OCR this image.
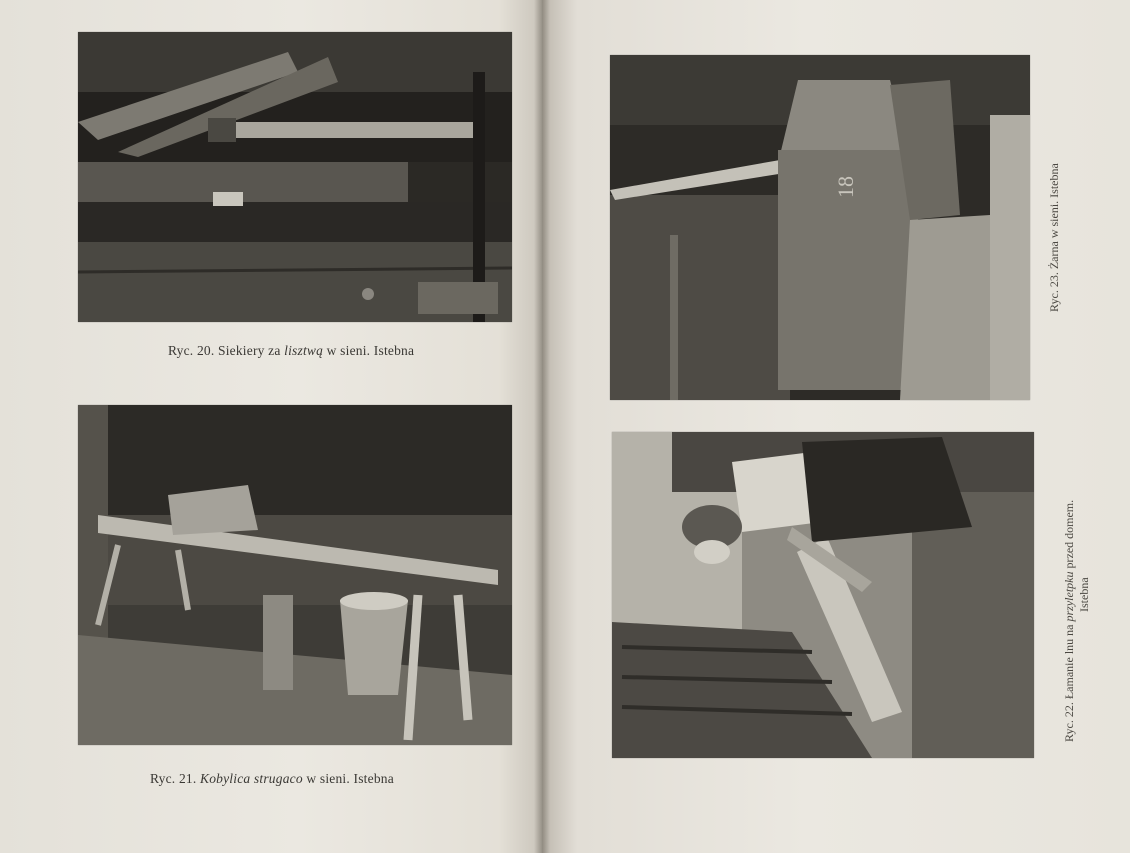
Ryc. 20. Siekiery za lisztwą w sieni. Istebna
Ryc. 21. Kobylica strugaco w sieni. Istebna
18	Ryc. 23. Żarna w sieni. Istebna
Ryc. 22. Łamanie lnu na przyletpku przed domem.
Istebna
